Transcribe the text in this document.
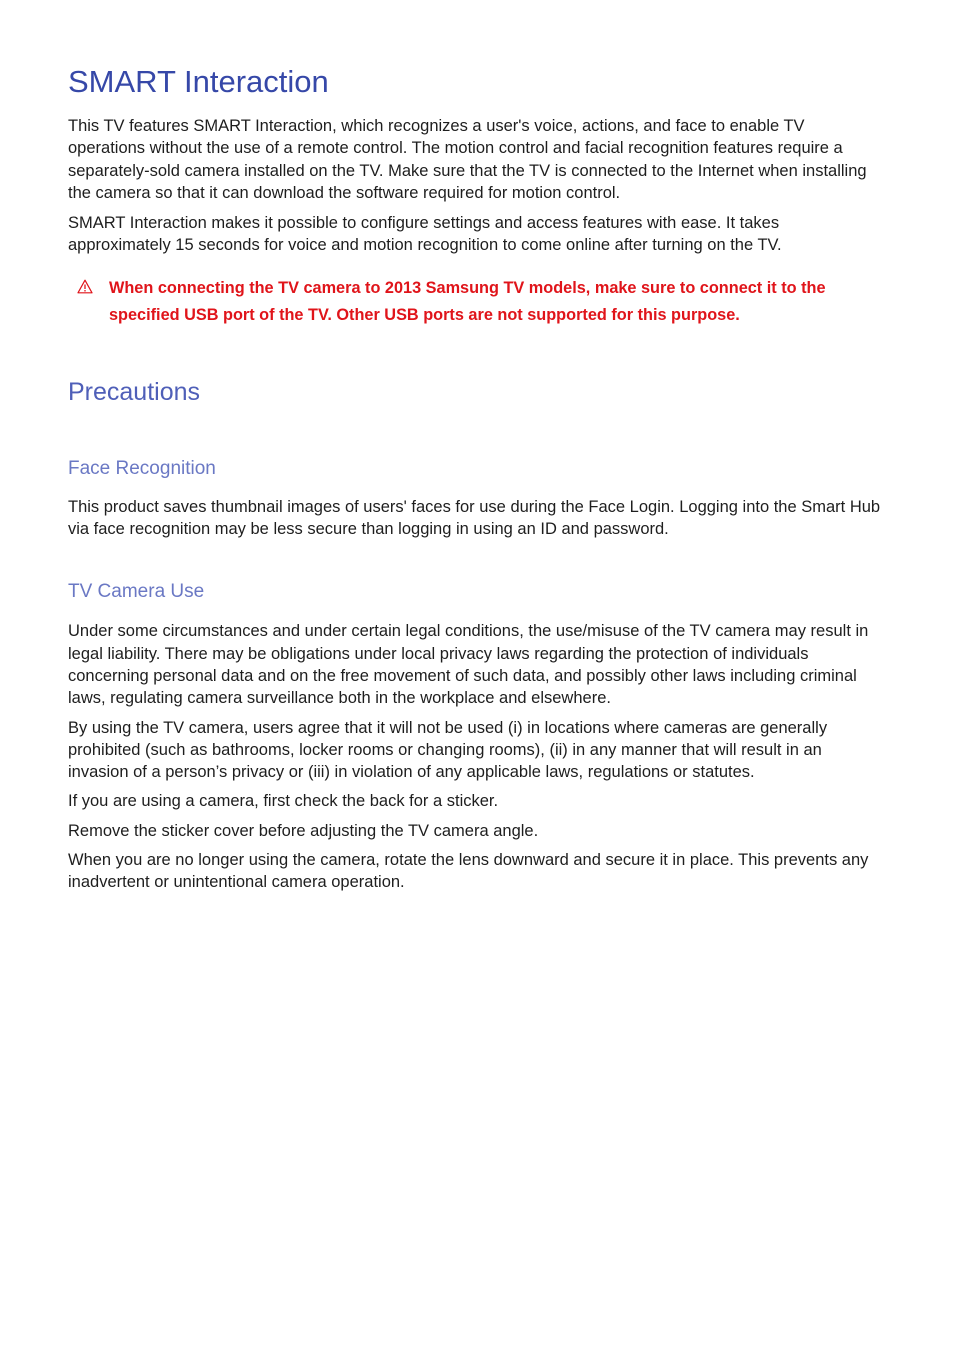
SMART Interaction

This TV features SMART Interaction, which recognizes a user's voice, actions, and face to enable TV operations without the use of a remote control. The motion control and facial recognition features require a separately-sold camera installed on the TV. Make sure that the TV is connected to the Internet when installing the camera so that it can download the software required for motion control.

SMART Interaction makes it possible to configure settings and access features with ease. It takes approximately 15 seconds for voice and motion recognition to come online after turning on the TV.

When connecting the TV camera to 2013 Samsung TV models, make sure to connect it to the specified USB port of the TV. Other USB ports are not supported for this purpose.
Precautions
Face Recognition

This product saves thumbnail images of users' faces for use during the Face Login. Logging into the Smart Hub via face recognition may be less secure than logging in using an ID and password.

TV Camera Use

Under some circumstances and under certain legal conditions, the use/misuse of the TV camera may result in legal liability. There may be obligations under local privacy laws regarding the protection of individuals concerning personal data and on the free movement of such data, and possibly other laws including criminal laws, regulating camera surveillance both in the workplace and elsewhere.

By using the TV camera, users agree that it will not be used (i) in locations where cameras are generally prohibited (such as bathrooms, locker rooms or changing rooms), (ii) in any manner that will result in an invasion of a person’s privacy or (iii) in violation of any applicable laws, regulations or statutes.

If you are using a camera, first check the back for a sticker.

Remove the sticker cover before adjusting the TV camera angle.

When you are no longer using the camera, rotate the lens downward and secure it in place. This prevents any inadvertent or unintentional camera operation.
